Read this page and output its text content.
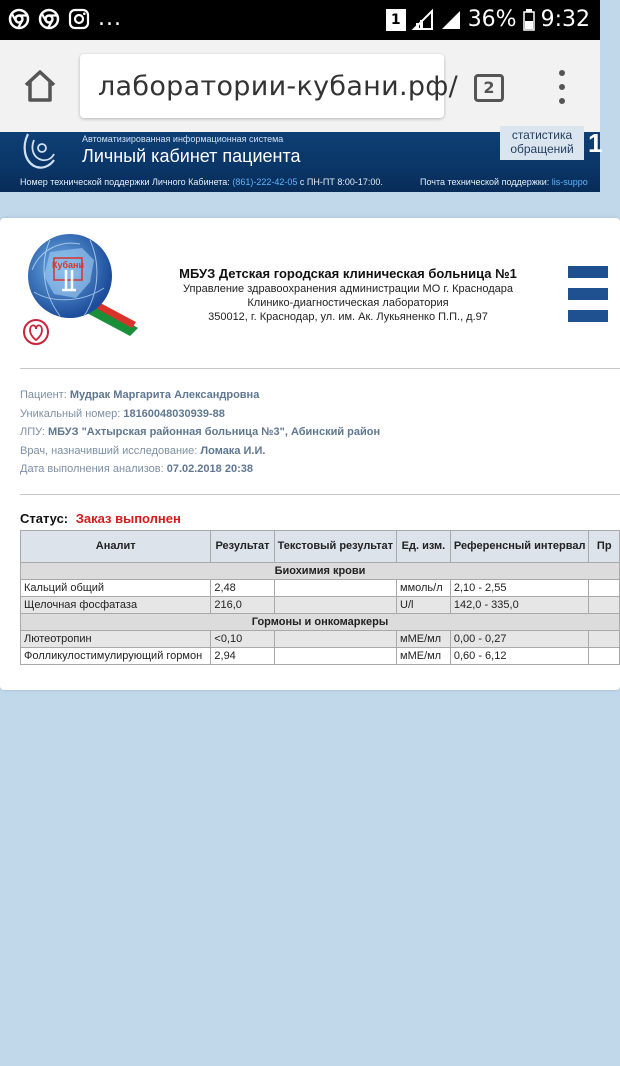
...	1	36% 9:32
лаборатории-кубани.рф/	2
Автоматизированная информационная система
Личный кабинет пациента
статистика обращений 1
Номер технической поддержки Личного Кабинета: (861)-222-42-05 с ПН-ПТ 8:00-17:00.	Почта технической поддержки: lis-suppo
Кубани
МБУЗ Детская городская клиническая больница №1
Управление здравоохранения администрации МО г. Краснодара
Клинико-диагностическая лаборатория
350012, г. Краснодар, ул. им. Ак. Лукьяненко П.П., д.97
Пациент: Мудрак Маргарита Александровна
Уникальный номер: 18160048030939-88
ЛПУ: МБУЗ "Ахтырская районная больница №3", Абинский район
Врач, назначивший исследование: Ломака И.И.
Дата выполнения анализов: 07.02.2018 20:38
Статус: Заказ выполнен
Аналит	Результат	Текстовый результат	Ед. изм.	Референсный интервал	Пр
Биохимия крови					
Кальций общий	2,48		ммоль/л	2,10 - 2,55	
Щелочная фосфатаза	216,0		U/l	142,0 - 335,0	
Гормоны и онкомаркеры					
Лютеотропин	<0,10		мМЕ/мл	0,00 - 0,27	
Фолликулостимулирующий гормон	2,94		мМЕ/мл	0,60 - 6,12	
